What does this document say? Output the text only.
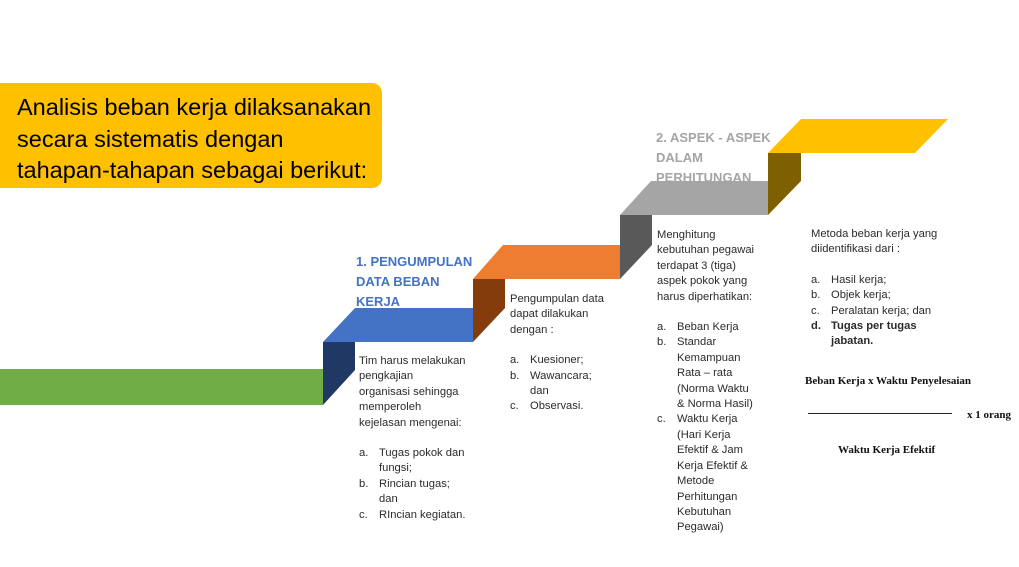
Analisis beban kerja dilaksanakan secara sistematis dengan tahapan-tahapan sebagai berikut:
1. PENGUMPULAN
DATA BEBAN
KERJA
2. ASPEK - ASPEK
DALAM
PERHITUNGAN

Tim harus melakukan

pengkajian

organisasi sehingga

memperoleh

kejelasan mengenai:

a. Tugas pokok dan
fungsi;
b. Rincian tugas;
dan
c. RIncian kegiatan.

Pengumpulan data

dapat dilakukan

dengan :

a. Kuesioner;
b. Wawancara;
dan
c. Observasi.

Menghitung

kebutuhan pegawai

terdapat 3 (tiga)

aspek pokok yang

harus diperhatikan:

a. Beban Kerja
b. Standar
Kemampuan
Rata – rata
(Norma Waktu
& Norma Hasil)
c. Waktu Kerja
(Hari Kerja
Efektif & Jam
Kerja Efektif &
Metode
Perhitungan
Kebutuhan
Pegawai)

Metoda beban kerja yang

diidentifikasi dari :

a. Hasil kerja;
b. Objek kerja;
c. Peralatan kerja; dan
d. Tugas per tugas
jabatan.
Beban Kerja x Waktu Penyelesaian
x 1 orang
Waktu Kerja Efektif
